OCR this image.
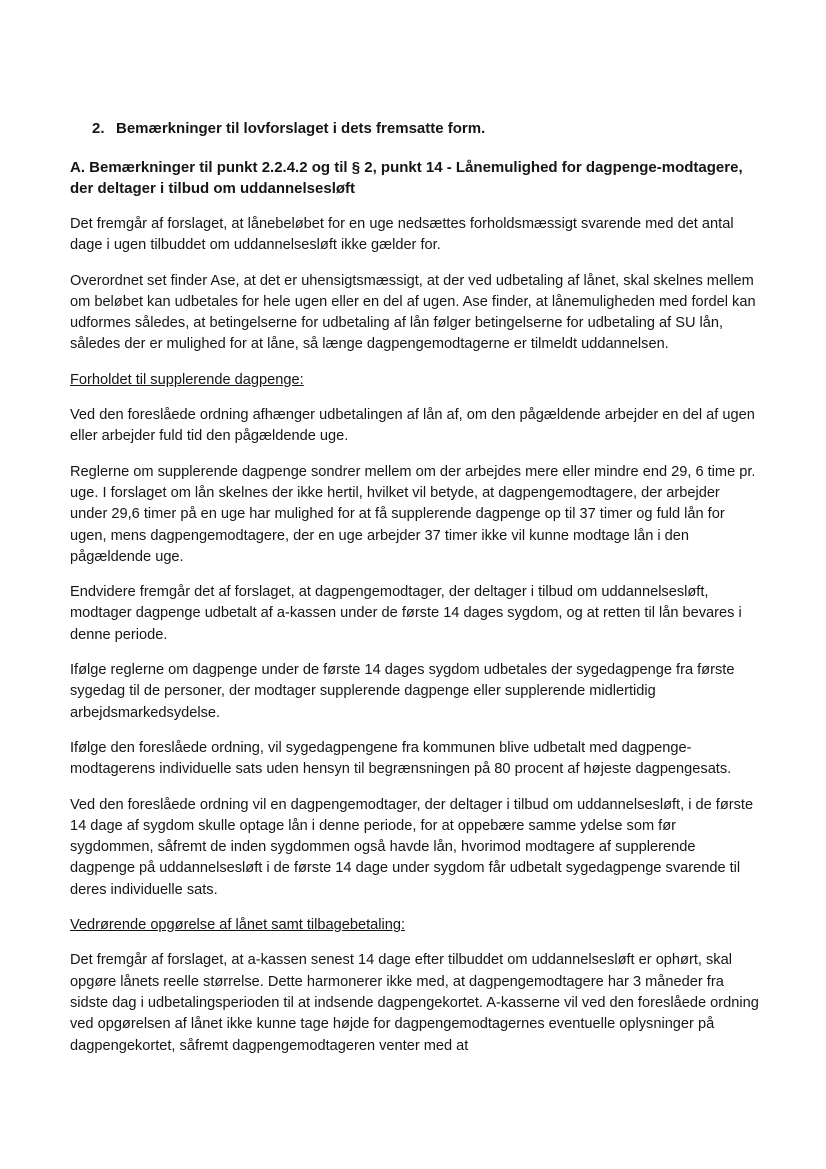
2. Bemærkninger til lovforslaget i dets fremsatte form.
A. Bemærkninger til punkt 2.2.4.2 og til § 2, punkt 14 - Lånemulighed for dagpenge-modtagere, der deltager i tilbud om uddannelsesløft

Det fremgår af forslaget, at lånebeløbet for en uge nedsættes forholdsmæssigt svarende med det antal dage i ugen tilbuddet om uddannelsesløft ikke gælder for.

Overordnet set finder Ase, at det er uhensigtsmæssigt, at der ved udbetaling af lånet, skal skelnes mellem om beløbet kan udbetales for hele ugen eller en del af ugen. Ase finder, at lånemuligheden med fordel kan udformes således, at betingelserne for udbetaling af lån følger betingelserne for udbetaling af SU lån, således der er mulighed for at låne, så længe dagpengemodtagerne er tilmeldt uddannelsen.

Forholdet til supplerende dagpenge:

Ved den foreslåede ordning afhænger udbetalingen af lån af, om den pågældende arbejder en del af ugen eller arbejder fuld tid den pågældende uge.

Reglerne om supplerende dagpenge sondrer mellem om der arbejdes mere eller mindre end 29, 6 time pr. uge. I forslaget om lån skelnes der ikke hertil, hvilket vil betyde, at dagpengemodtagere, der arbejder under 29,6 timer på en uge har mulighed for at få supplerende dagpenge op til 37 timer og fuld lån for ugen, mens dagpengemodtagere, der en uge arbejder 37 timer ikke vil kunne modtage lån i den pågældende uge.

Endvidere fremgår det af forslaget, at dagpengemodtager, der deltager i tilbud om uddannelsesløft, modtager dagpenge udbetalt af a-kassen under de første 14 dages sygdom, og at retten til lån bevares i denne periode.

Ifølge reglerne om dagpenge under de første 14 dages sygdom udbetales der sygedagpenge fra første sygedag til de personer, der modtager supplerende dagpenge eller supplerende midlertidig arbejdsmarkedsydelse.

Ifølge den foreslåede ordning, vil sygedagpengene fra kommunen blive udbetalt med dagpenge-modtagerens individuelle sats uden hensyn til begrænsningen på 80 procent af højeste dagpengesats.

Ved den foreslåede ordning vil en dagpengemodtager, der deltager i tilbud om uddannelsesløft, i de første 14 dage af sygdom skulle optage lån i denne periode, for at oppebære samme ydelse som før sygdommen, såfremt de inden sygdommen også havde lån, hvorimod modtagere af supplerende dagpenge på uddannelsesløft i de første 14 dage under sygdom får udbetalt sygedagpenge svarende til deres individuelle sats.

Vedrørende opgørelse af lånet samt tilbagebetaling:

Det fremgår af forslaget, at a-kassen senest 14 dage efter tilbuddet om uddannelsesløft er ophørt, skal opgøre lånets reelle størrelse. Dette harmonerer ikke med, at dagpengemodtagere har 3 måneder fra sidste dag i udbetalingsperioden til at indsende dagpengekortet. A-kasserne vil ved den foreslåede ordning ved opgørelsen af lånet ikke kunne tage højde for dagpengemodtagernes eventuelle oplysninger på dagpengekortet, såfremt dagpengemodtageren venter med at
